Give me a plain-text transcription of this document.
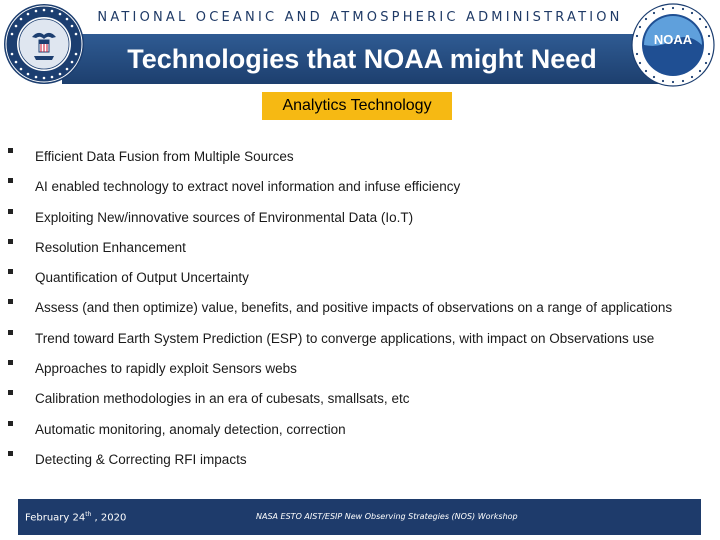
NATIONAL OCEANIC AND ATMOSPHERIC ADMINISTRATION
Technologies that NOAA might Need
NOAA
Analytics Technology
Efficient Data Fusion from Multiple Sources
AI enabled technology to extract novel information and infuse efficiency
Exploiting New/innovative sources of Environmental Data (Io.T)
Resolution Enhancement
Quantification of Output Uncertainty
Assess (and then optimize) value, benefits, and positive impacts of observations on a range of applications
Trend toward Earth System Prediction (ESP) to converge applications, with impact on Observations use
Approaches to rapidly exploit Sensors webs
Calibration methodologies in an era of cubesats, smallsats, etc
Automatic monitoring, anomaly detection, correction
Detecting & Correcting RFI impacts
February 24th , 2020	NASA ESTO AIST/ESIP New Observing Strategies (NOS) Workshop
